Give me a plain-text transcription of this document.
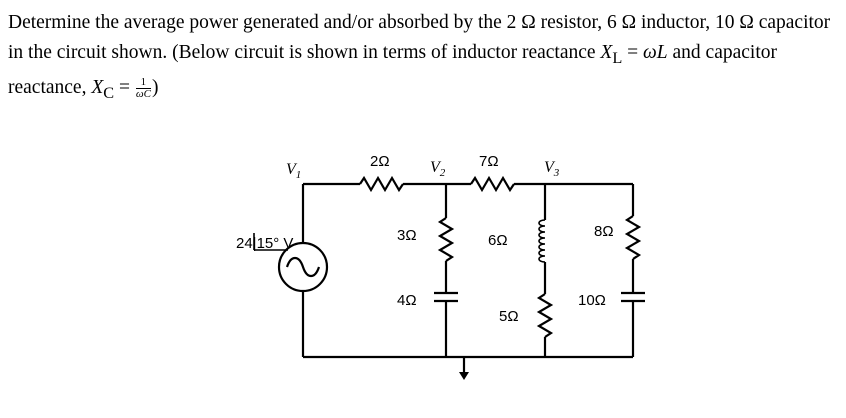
Determine the average power generated and/or absorbed by the 2 Ω resistor, 6 Ω inductor, 10 Ω capacitor in the circuit shown. (Below circuit is shown in terms of inductor reactance $X_L = \omega L$ and capacitor reactance, $X_C = \frac{1}{\omega C}$ )

$V_1$	$V_2$	$V_3$
2Ω	7Ω
24|15° V	3Ω
4Ω
6Ω
5Ω
8Ω
10Ω
